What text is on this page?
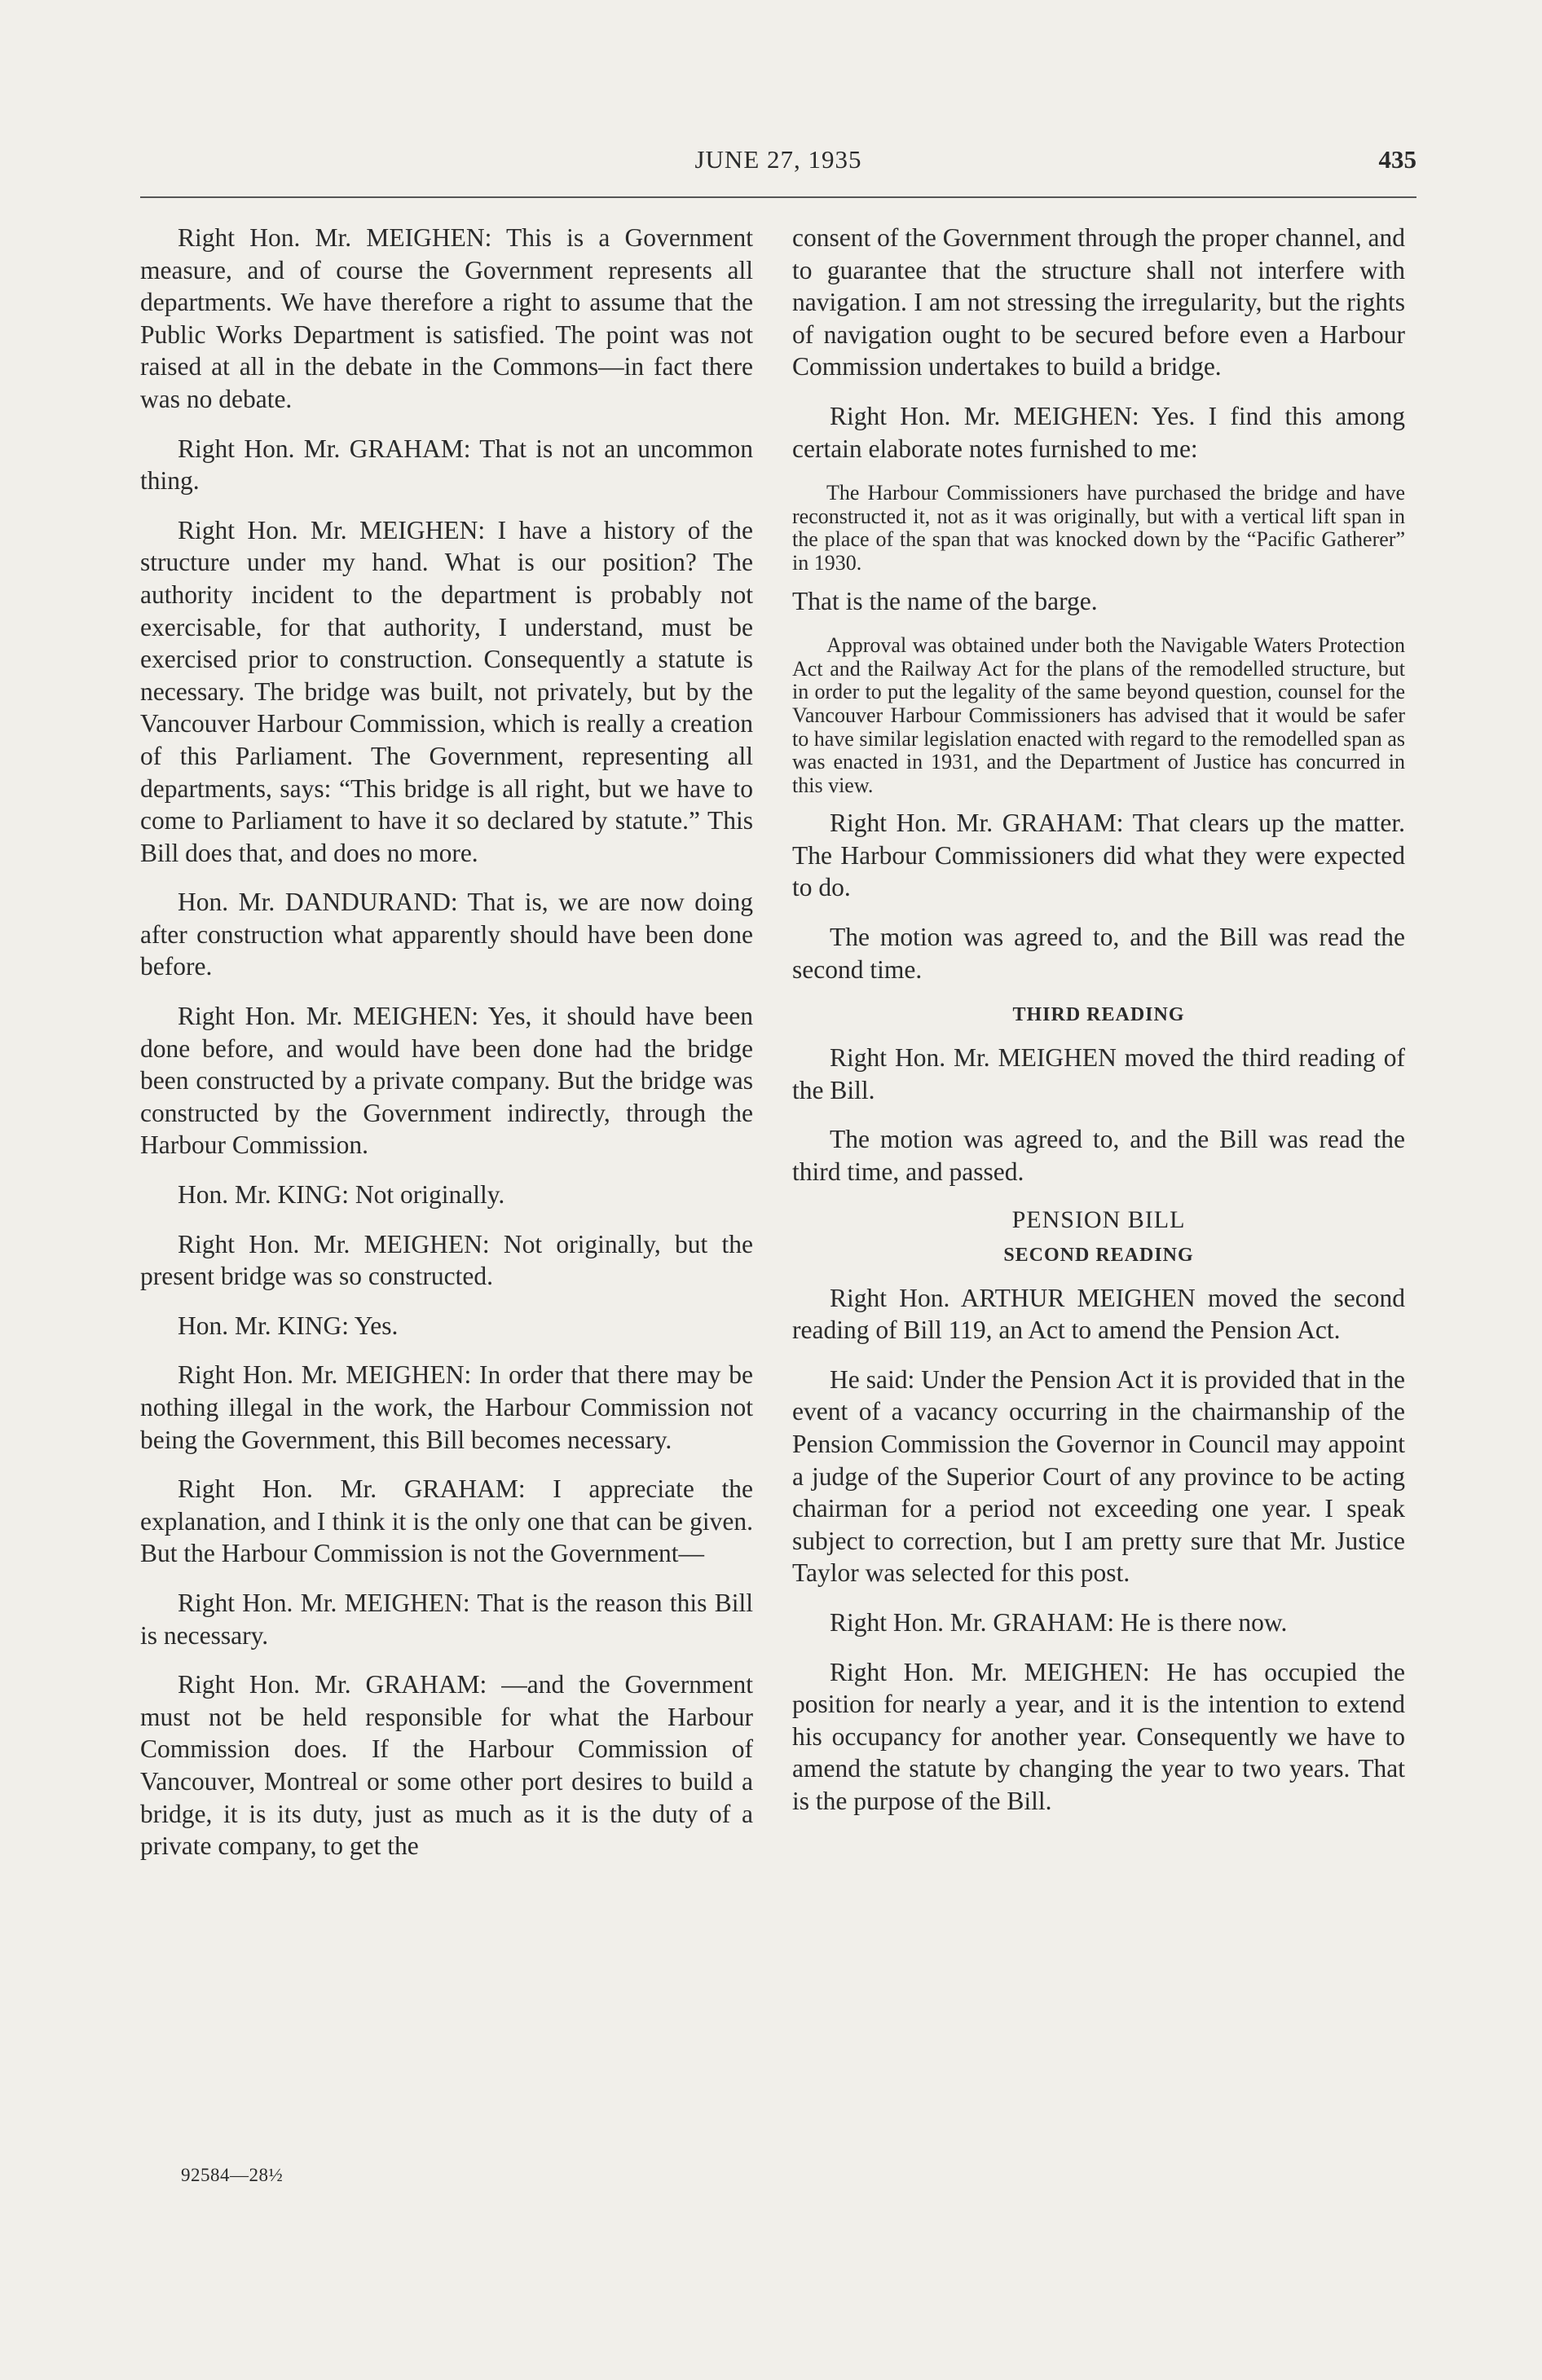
JUNE 27, 1935	435

Right Hon. Mr. MEIGHEN: This is a Government measure, and of course the Government represents all departments. We have therefore a right to assume that the Public Works Department is satisfied. The point was not raised at all in the debate in the Commons—in fact there was no debate.

Right Hon. Mr. GRAHAM: That is not an uncommon thing.

Right Hon. Mr. MEIGHEN: I have a history of the structure under my hand. What is our position? The authority incident to the department is probably not exercisable, for that authority, I understand, must be exercised prior to construction. Consequently a statute is necessary. The bridge was built, not privately, but by the Vancouver Harbour Commission, which is really a creation of this Parliament. The Government, representing all departments, says: “This bridge is all right, but we have to come to Parliament to have it so declared by statute.” This Bill does that, and does no more.

Hon. Mr. DANDURAND: That is, we are now doing after construction what apparently should have been done before.

Right Hon. Mr. MEIGHEN: Yes, it should have been done before, and would have been done had the bridge been constructed by a private company. But the bridge was constructed by the Government indirectly, through the Harbour Commission.

Hon. Mr. KING: Not originally.

Right Hon. Mr. MEIGHEN: Not originally, but the present bridge was so constructed.

Hon. Mr. KING: Yes.

Right Hon. Mr. MEIGHEN: In order that there may be nothing illegal in the work, the Harbour Commission not being the Government, this Bill becomes necessary.

Right Hon. Mr. GRAHAM: I appreciate the explanation, and I think it is the only one that can be given. But the Harbour Commission is not the Government—

Right Hon. Mr. MEIGHEN: That is the reason this Bill is necessary.

Right Hon. Mr. GRAHAM: —and the Government must not be held responsible for what the Harbour Commission does. If the Harbour Commission of Vancouver, Montreal or some other port desires to build a bridge, it is its duty, just as much as it is the duty of a private company, to get the

consent of the Government through the proper channel, and to guarantee that the structure shall not interfere with navigation. I am not stressing the irregularity, but the rights of navigation ought to be secured before even a Harbour Commission undertakes to build a bridge.

Right Hon. Mr. MEIGHEN: Yes. I find this among certain elaborate notes furnished to me:

The Harbour Commissioners have purchased the bridge and have reconstructed it, not as it was originally, but with a vertical lift span in the place of the span that was knocked down by the “Pacific Gatherer” in 1930.

That is the name of the barge.

Approval was obtained under both the Navigable Waters Protection Act and the Railway Act for the plans of the remodelled structure, but in order to put the legality of the same beyond question, counsel for the Vancouver Harbour Commissioners has advised that it would be safer to have similar legislation enacted with regard to the remodelled span as was enacted in 1931, and the Department of Justice has concurred in this view.

Right Hon. Mr. GRAHAM: That clears up the matter. The Harbour Commissioners did what they were expected to do.

The motion was agreed to, and the Bill was read the second time.

THIRD READING

Right Hon. Mr. MEIGHEN moved the third reading of the Bill.

The motion was agreed to, and the Bill was read the third time, and passed.

PENSION BILL
SECOND READING

Right Hon. ARTHUR MEIGHEN moved the second reading of Bill 119, an Act to amend the Pension Act.

He said: Under the Pension Act it is provided that in the event of a vacancy occurring in the chairmanship of the Pension Commission the Governor in Council may appoint a judge of the Superior Court of any province to be acting chairman for a period not exceeding one year. I speak subject to correction, but I am pretty sure that Mr. Justice Taylor was selected for this post.

Right Hon. Mr. GRAHAM: He is there now.

Right Hon. Mr. MEIGHEN: He has occupied the position for nearly a year, and it is the intention to extend his occupancy for another year. Consequently we have to amend the statute by changing the year to two years. That is the purpose of the Bill.

92584—28½
